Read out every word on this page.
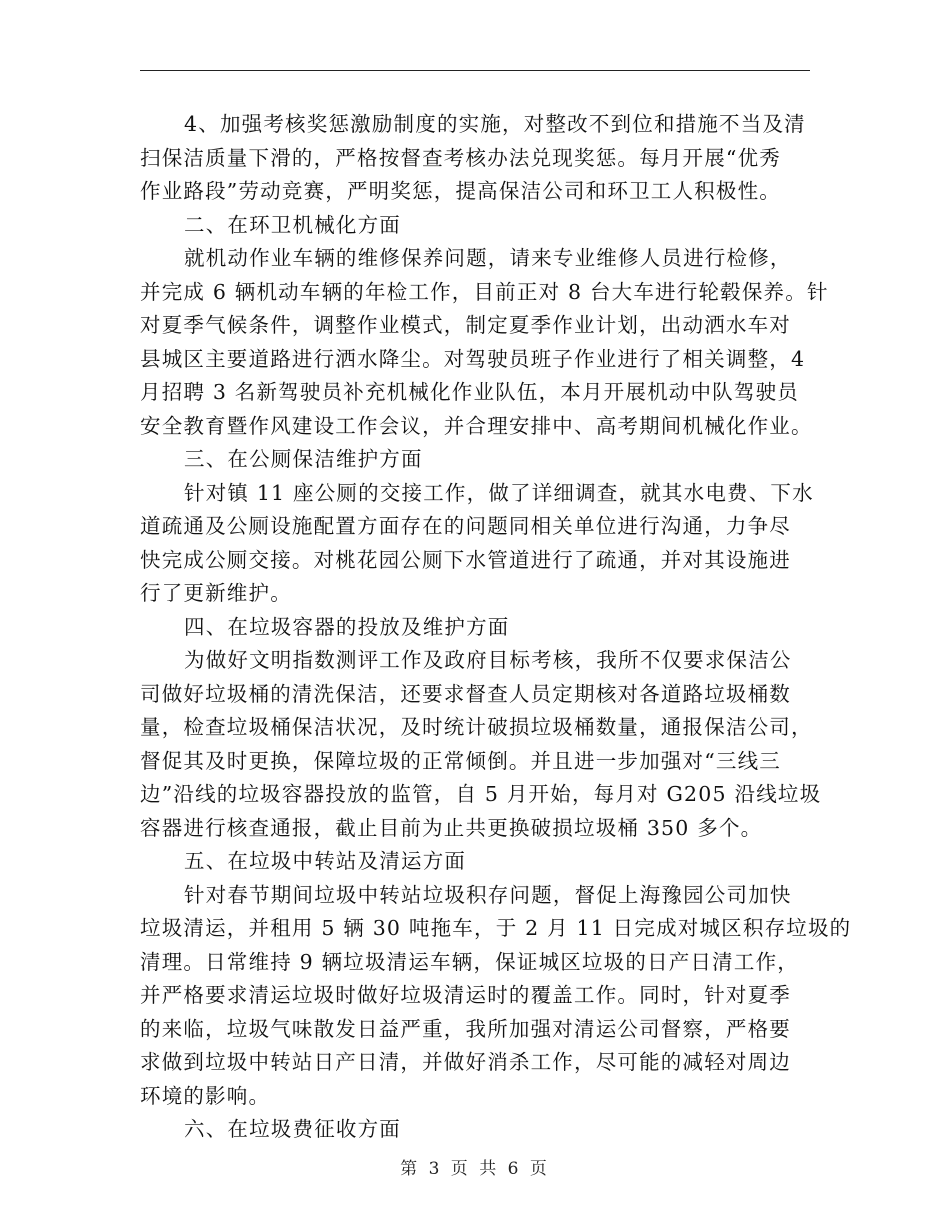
4、加强考核奖惩激励制度的实施，对整改不到位和措施不当及清
扫保洁质量下滑的，严格按督查考核办法兑现奖惩。每月开展“优秀
作业路段”劳动竞赛，严明奖惩，提高保洁公司和环卫工人积极性。
二、在环卫机械化方面
就机动作业车辆的维修保养问题，请来专业维修人员进行检修，
并完成 6 辆机动车辆的年检工作，目前正对 8 台大车进行轮毂保养。针
对夏季气候条件，调整作业模式，制定夏季作业计划，出动洒水车对
县城区主要道路进行洒水降尘。对驾驶员班子作业进行了相关调整，4
月招聘 3 名新驾驶员补充机械化作业队伍，本月开展机动中队驾驶员
安全教育暨作风建设工作会议，并合理安排中、高考期间机械化作业。
三、在公厕保洁维护方面
针对镇 11 座公厕的交接工作，做了详细调查，就其水电费、下水
道疏通及公厕设施配置方面存在的问题同相关单位进行沟通，力争尽
快完成公厕交接。对桃花园公厕下水管道进行了疏通，并对其设施进
行了更新维护。
四、在垃圾容器的投放及维护方面
为做好文明指数测评工作及政府目标考核，我所不仅要求保洁公
司做好垃圾桶的清洗保洁，还要求督查人员定期核对各道路垃圾桶数
量，检查垃圾桶保洁状况，及时统计破损垃圾桶数量，通报保洁公司，
督促其及时更换，保障垃圾的正常倾倒。并且进一步加强对“三线三
边”沿线的垃圾容器投放的监管，自 5 月开始，每月对 G205 沿线垃圾
容器进行核查通报，截止目前为止共更换破损垃圾桶 350 多个。
五、在垃圾中转站及清运方面
针对春节期间垃圾中转站垃圾积存问题，督促上海豫园公司加快
垃圾清运，并租用 5 辆 30 吨拖车，于 2 月 11 日完成对城区积存垃圾的
清理。日常维持 9 辆垃圾清运车辆，保证城区垃圾的日产日清工作，
并严格要求清运垃圾时做好垃圾清运时的覆盖工作。同时，针对夏季
的来临，垃圾气味散发日益严重，我所加强对清运公司督察，严格要
求做到垃圾中转站日产日清，并做好消杀工作，尽可能的减轻对周边
环境的影响。
六、在垃圾费征收方面
第 3 页 共 6 页
